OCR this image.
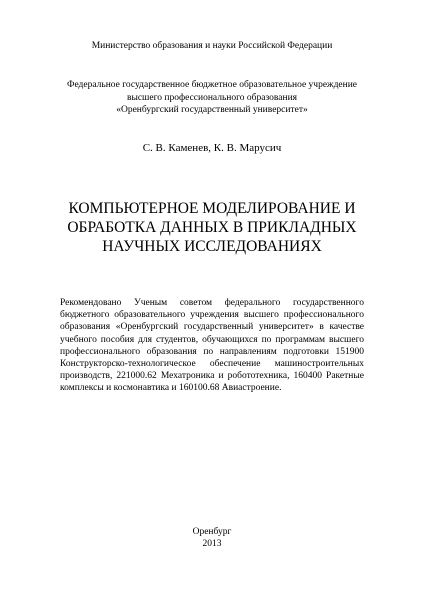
Министерство образования и науки Российской Федерации
Федеральное государственное бюджетное образовательное учреждение
высшего профессионального образования
«Оренбургский государственный университет»
С. В. Каменев, К. В. Марусич
КОМПЬЮТЕРНОЕ МОДЕЛИРОВАНИЕ И
ОБРАБОТКА ДАННЫХ В ПРИКЛАДНЫХ
НАУЧНЫХ ИССЛЕДОВАНИЯХ
Рекомендовано Ученым советом федерального государственного
бюджетного образовательного учреждения высшего профессионального
образования «Оренбургский государственный университет» в качестве
учебного пособия для студентов, обучающихся по программам высшего
профессионального образования по направлениям подготовки 151900
Конструкторско-технологическое обеспечение машиностроительных
производств, 221000.62 Мехатроника и робототехника, 160400 Ракетные
комплексы и космонавтика и 160100.68 Авиастроение.
Оренбург
2013
